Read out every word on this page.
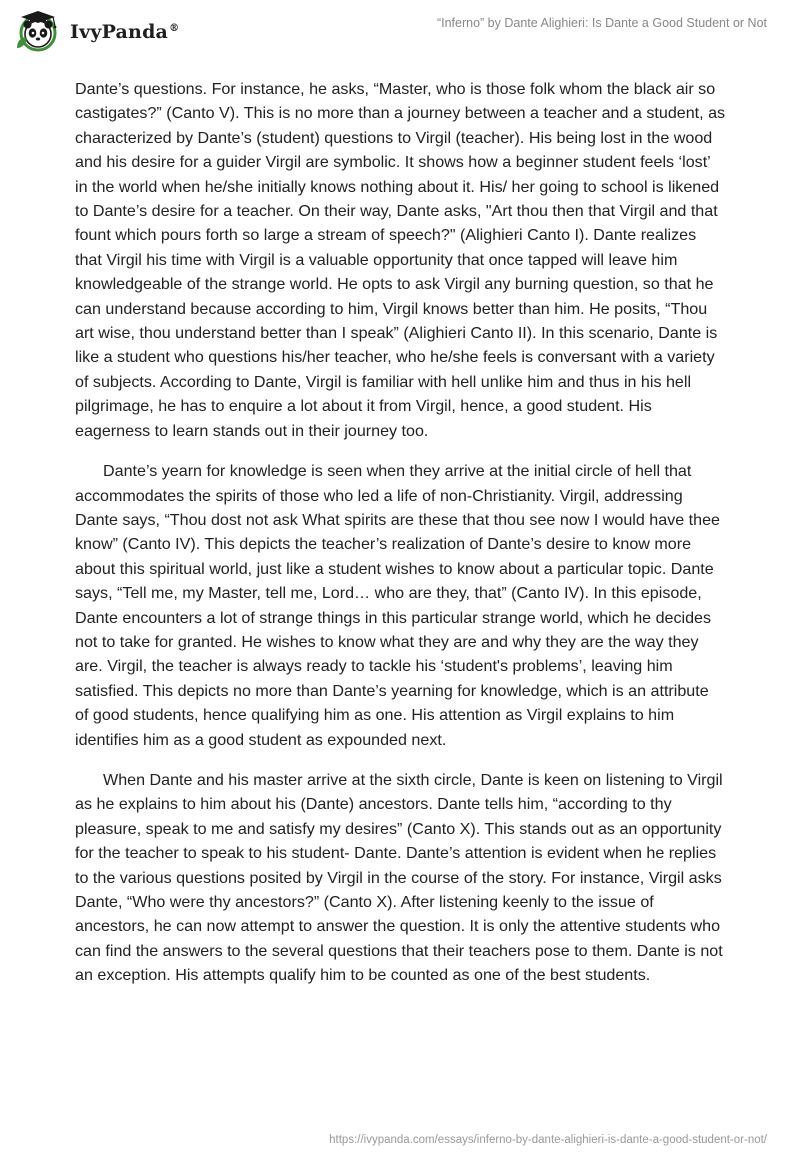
IvyPanda®	“Inferno” by Dante Alighieri: Is Dante a Good Student or Not

Dante’s questions. For instance, he asks, “Master, who is those folk whom the black air so castigates?” (Canto V). This is no more than a journey between a teacher and a student, as characterized by Dante’s (student) questions to Virgil (teacher). His being lost in the wood and his desire for a guider Virgil are symbolic. It shows how a beginner student feels ‘lost’ in the world when he/she initially knows nothing about it. His/ her going to school is likened to Dante’s desire for a teacher. On their way, Dante asks, "Art thou then that Virgil and that fount which pours forth so large a stream of speech?" (Alighieri Canto I). Dante realizes that Virgil his time with Virgil is a valuable opportunity that once tapped will leave him knowledgeable of the strange world. He opts to ask Virgil any burning question, so that he can understand because according to him, Virgil knows better than him. He posits, “Thou art wise, thou understand better than I speak” (Alighieri Canto II). In this scenario, Dante is like a student who questions his/her teacher, who he/she feels is conversant with a variety of subjects. According to Dante, Virgil is familiar with hell unlike him and thus in his hell pilgrimage, he has to enquire a lot about it from Virgil, hence, a good student. His eagerness to learn stands out in their journey too.

Dante’s yearn for knowledge is seen when they arrive at the initial circle of hell that accommodates the spirits of those who led a life of non-Christianity. Virgil, addressing Dante says, “Thou dost not ask What spirits are these that thou see now I would have thee know” (Canto IV). This depicts the teacher’s realization of Dante’s desire to know more about this spiritual world, just like a student wishes to know about a particular topic. Dante says, “Tell me, my Master, tell me, Lord… who are they, that” (Canto IV). In this episode, Dante encounters a lot of strange things in this particular strange world, which he decides not to take for granted. He wishes to know what they are and why they are the way they are. Virgil, the teacher is always ready to tackle his ‘student's problems’, leaving him satisfied. This depicts no more than Dante’s yearning for knowledge, which is an attribute of good students, hence qualifying him as one. His attention as Virgil explains to him identifies him as a good student as expounded next.

When Dante and his master arrive at the sixth circle, Dante is keen on listening to Virgil as he explains to him about his (Dante) ancestors. Dante tells him, “according to thy pleasure, speak to me and satisfy my desires” (Canto X). This stands out as an opportunity for the teacher to speak to his student- Dante. Dante’s attention is evident when he replies to the various questions posited by Virgil in the course of the story. For instance, Virgil asks Dante, “Who were thy ancestors?” (Canto X). After listening keenly to the issue of ancestors, he can now attempt to answer the question. It is only the attentive students who can find the answers to the several questions that their teachers pose to them. Dante is not an exception. His attempts qualify him to be counted as one of the best students.

https://ivypanda.com/essays/inferno-by-dante-alighieri-is-dante-a-good-student-or-not/
